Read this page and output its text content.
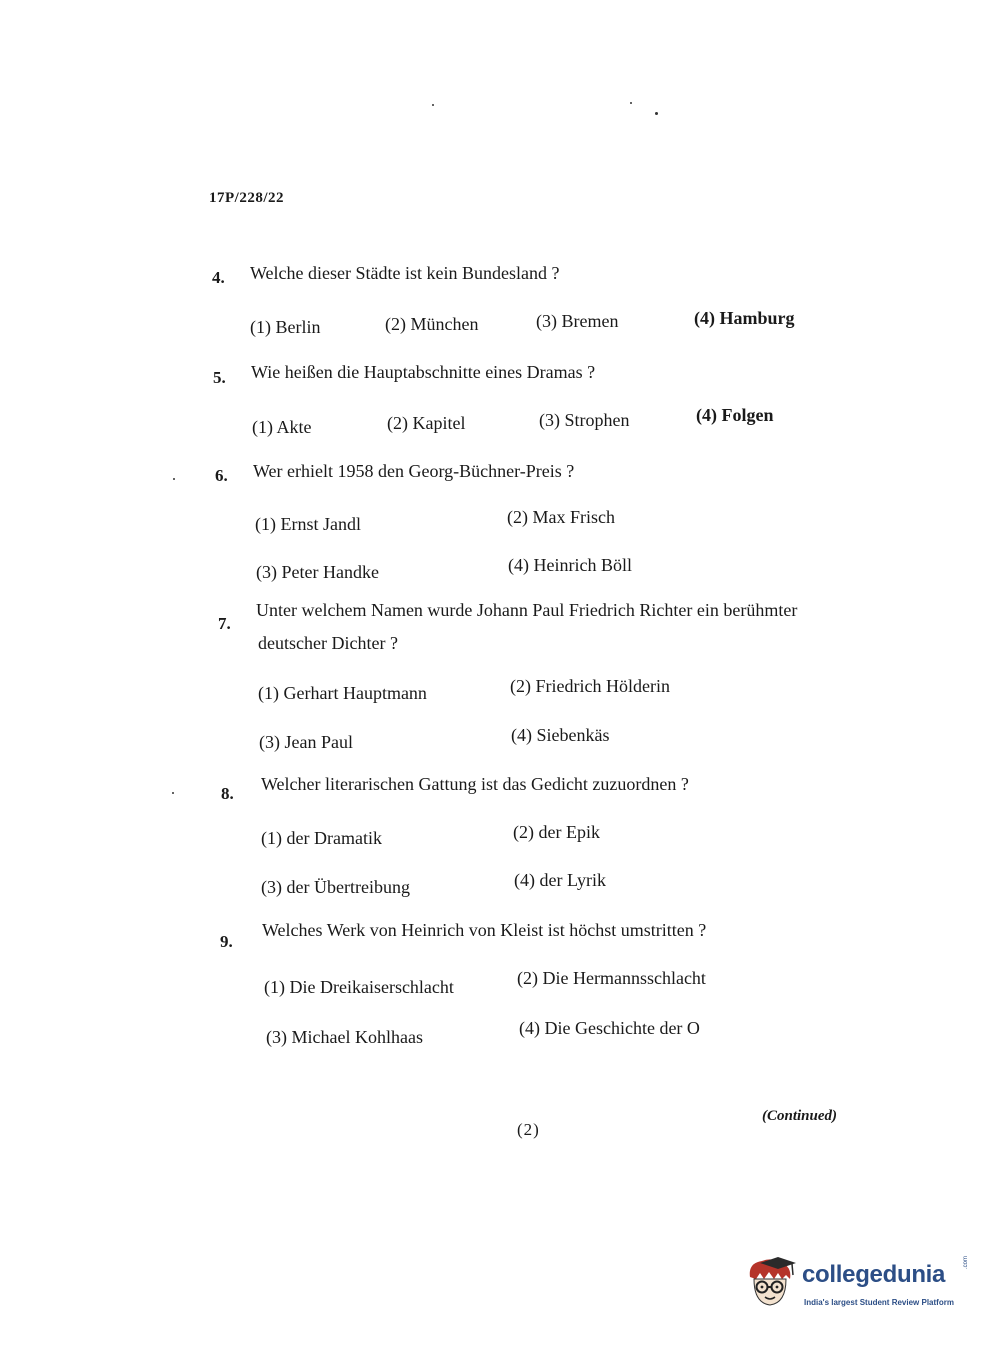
17P/228/22
4. Welche dieser Städte ist kein Bundesland ?
(1) Berlin	(2) München	(3) Bremen	(4) Hamburg
5. Wie heißen die Hauptabschnitte eines Dramas ?
(1) Akte	(2) Kapitel	(3) Strophen	(4) Folgen
6. Wer erhielt 1958 den Georg-Büchner-Preis ?
(1) Ernst Jandl	(2) Max Frisch
(3) Peter Handke	(4) Heinrich Böll
7.
Unter welchem Namen wurde Johann Paul Friedrich Richter ein berühmter
deutscher Dichter ?
(1) Gerhart Hauptmann	(2) Friedrich Hölderin
(3) Jean Paul	(4) Siebenkäs
8. Welcher literarischen Gattung ist das Gedicht zuzuordnen ?
(1) der Dramatik	(2) der Epik
(3) der Übertreibung	(4) der Lyrik
9.
Welches Werk von Heinrich von Kleist ist höchst umstritten ?
(1) Die Dreikaiserschlacht	(2) Die Hermannsschlacht
(3) Michael Kohlhaas	(4) Die Geschichte der O
(2)
(Continued)
collegedunia	.com
India's largest Student Review Platform
